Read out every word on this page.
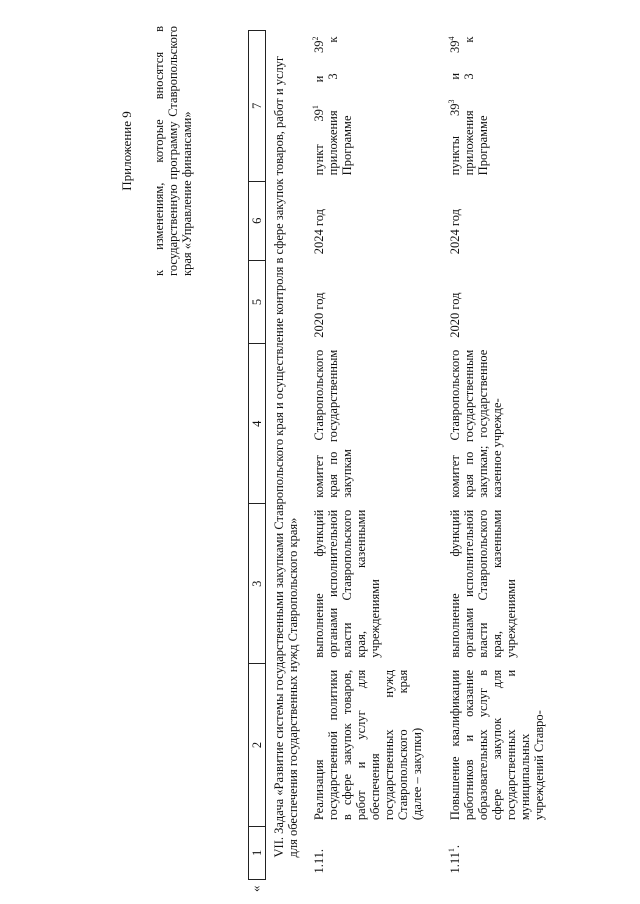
Приложение 9 к изменениям, которые вносятся в государственную программу Ставропольского края «Управление финансами»
«
1	2	3	4	5	6	7
VII. Задача «Развитие системы государственными закупками Ставропольского края и осуществление контроля в сфере закупок товаров, работ и услуг для обеспечения государственных нужд Ставропольского края»						
1.11.	Реализация государственной политики в сфере закупок товаров, работ и услуг для обеспечения государственных нужд Ставропольского края (далее – закупки)	выполнение функций органами исполнительной власти Ставропольского края, казенными учреждениями	комитет Ставропольского края по государственным закупкам	2020 год	2024 год	пункт $39^1$ и $39^2$ приложения 3 к Программе
1.11$^1$.	Повышение квалификации работников и оказание образовательных услуг в сфере закупок для государственных и муниципальных учреждений Ставро-	выполнение функций органами исполнительной власти Ставропольского края, казенными учреждениями	комитет Ставропольского края по государственным закупкам; государственное казенное учрежде-	2020 год	2024 год	пункты $39^3$ и $39^4$ приложения 3 к Программе
